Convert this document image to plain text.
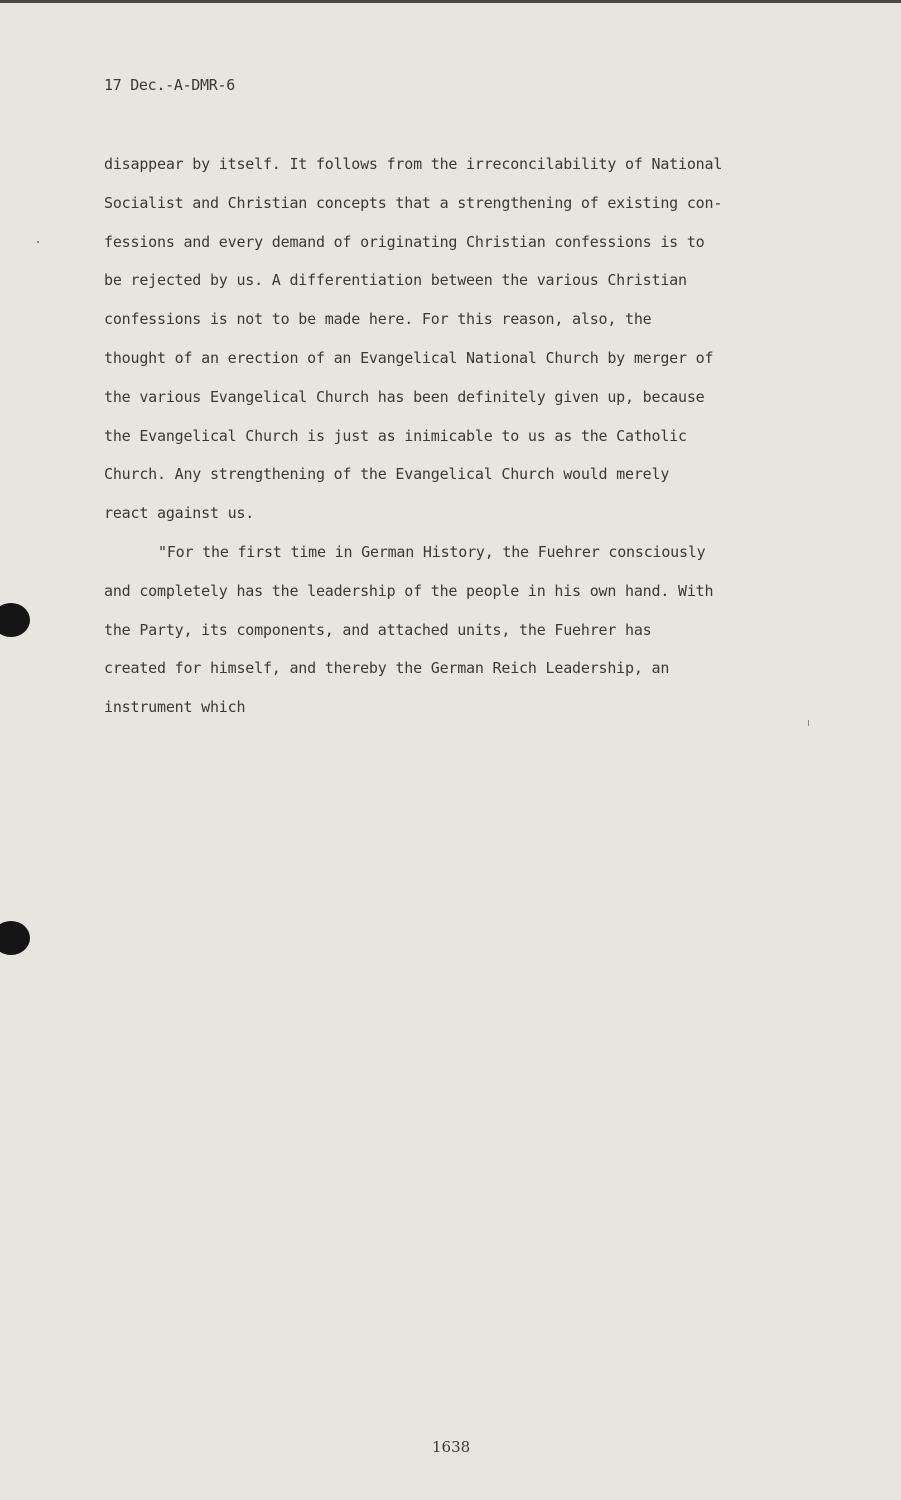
17 Dec.-A-DMR-6
disappear by itself. It follows from the irreconcilability of National
Socialist and Christian concepts that a strengthening of existing con-
fessions and every demand of originating Christian confessions is to
be rejected by us. A differentiation between the various Christian
confessions is not to be made here. For this reason, also, the
thought of an erection of an Evangelical National Church by merger of
the various Evangelical Church has been definitely given up, because
the Evangelical Church is just as inimicable to us as the Catholic
Church. Any strengthening of the Evangelical Church would merely
react against us.
"For the first time in German History, the Fuehrer consciously
and completely has the leadership of the people in his own hand. With
the Party, its components, and attached units, the Fuehrer has
created for himself, and thereby the German Reich Leadership, an
instrument which
1638
